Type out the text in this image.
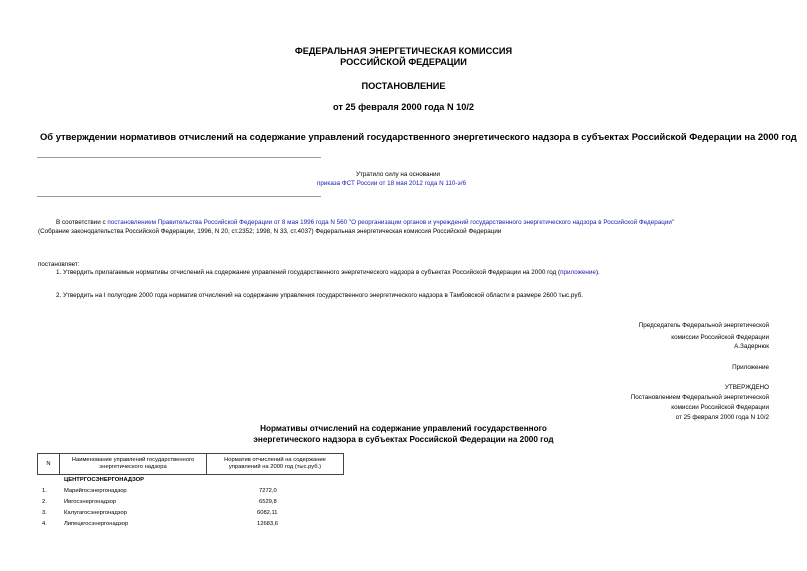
ФЕДЕРАЛЬНАЯ ЭНЕРГЕТИЧЕСКАЯ КОМИССИЯ
РОССИЙСКОЙ ФЕДЕРАЦИИ
ПОСТАНОВЛЕНИЕ
от 25 февраля 2000 года N 10/2
Об утверждении нормативов отчислений на содержание управлений государственного энергетического надзора в субъектах Российской Федерации на 2000 год
Утратило силу на основании
приказа ФСТ России от 18 мая 2012 года N 110-э/6
В соответствии с постановлением Правительства Российской Федерации от 8 мая 1996 года N 560 "О реорганизации органов и учреждений государственного энергетического надзора в Российской Федерации"
(Собрание законодательства Российской Федерации, 1996, N 20, ст.2352; 1998, N 33, ст.4037) Федеральная энергетическая комиссия Российской Федерации
постановляет:
1. Утвердить прилагаемые нормативы отчислений на содержание управлений государственного энергетического надзора в субъектах Российской Федерации на 2000 год (приложение).
2. Утвердить на I полугодие 2000 года норматив отчислений на содержание управления государственного энергетического надзора в Тамбовской области в размере 2600 тыс.руб.
Председатель Федеральной энергетической
комиссии Российской Федерации
А.Задернюк
Приложение
УТВЕРЖДЕНО
Постановлением Федеральной энергетической
комиссии Российской Федерации
от 25 февраля 2000 года N 10/2
Нормативы отчислений на содержание управлений государственного
энергетического надзора в субъектах Российской Федерации на 2000 год
N	Наименование управлений государственного энергетического надзора	Норматив отчислений на содержание управлений на 2000 год (тыс.руб.)
ЦЕНТРГОСЭНЕРГОНАДЗОР
1.	Марийгосэнергонадзор	7272,0
2.	Ивгосэнергонадзор	6529,8
3.	Калугагосэнергонадзор	6082,11
4.	Липецкгосэнергонадзор	12683,6
